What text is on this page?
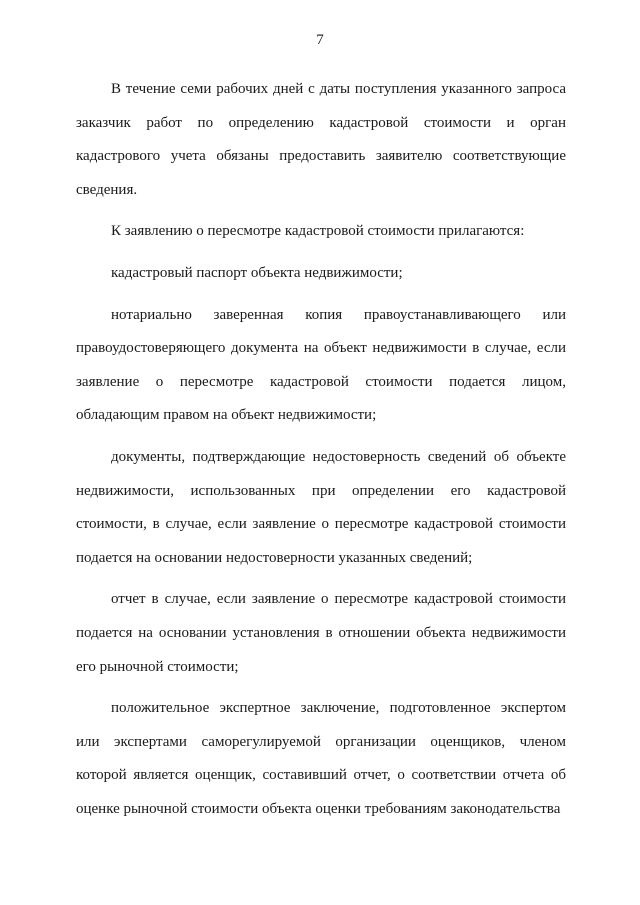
7

В течение семи рабочих дней с даты поступления указанного запроса заказчик работ по определению кадастровой стоимости и орган кадастрового учета обязаны предоставить заявителю соответствующие сведения.

К заявлению о пересмотре кадастровой стоимости прилагаются:

кадастровый паспорт объекта недвижимости;

нотариально заверенная копия правоустанавливающего или правоудостоверяющего документа на объект недвижимости в случае, если заявление о пересмотре кадастровой стоимости подается лицом, обладающим правом на объект недвижимости;

документы, подтверждающие недостоверность сведений об объекте недвижимости, использованных при определении его кадастровой стоимости, в случае, если заявление о пересмотре кадастровой стоимости подается на основании недостоверности указанных сведений;

отчет в случае, если заявление о пересмотре кадастровой стоимости подается на основании установления в отношении объекта недвижимости его рыночной стоимости;

положительное экспертное заключение, подготовленное экспертом или экспертами саморегулируемой организации оценщиков, членом которой является оценщик, составивший отчет, о соответствии отчета об оценке рыночной стоимости объекта оценки требованиям законодательства
